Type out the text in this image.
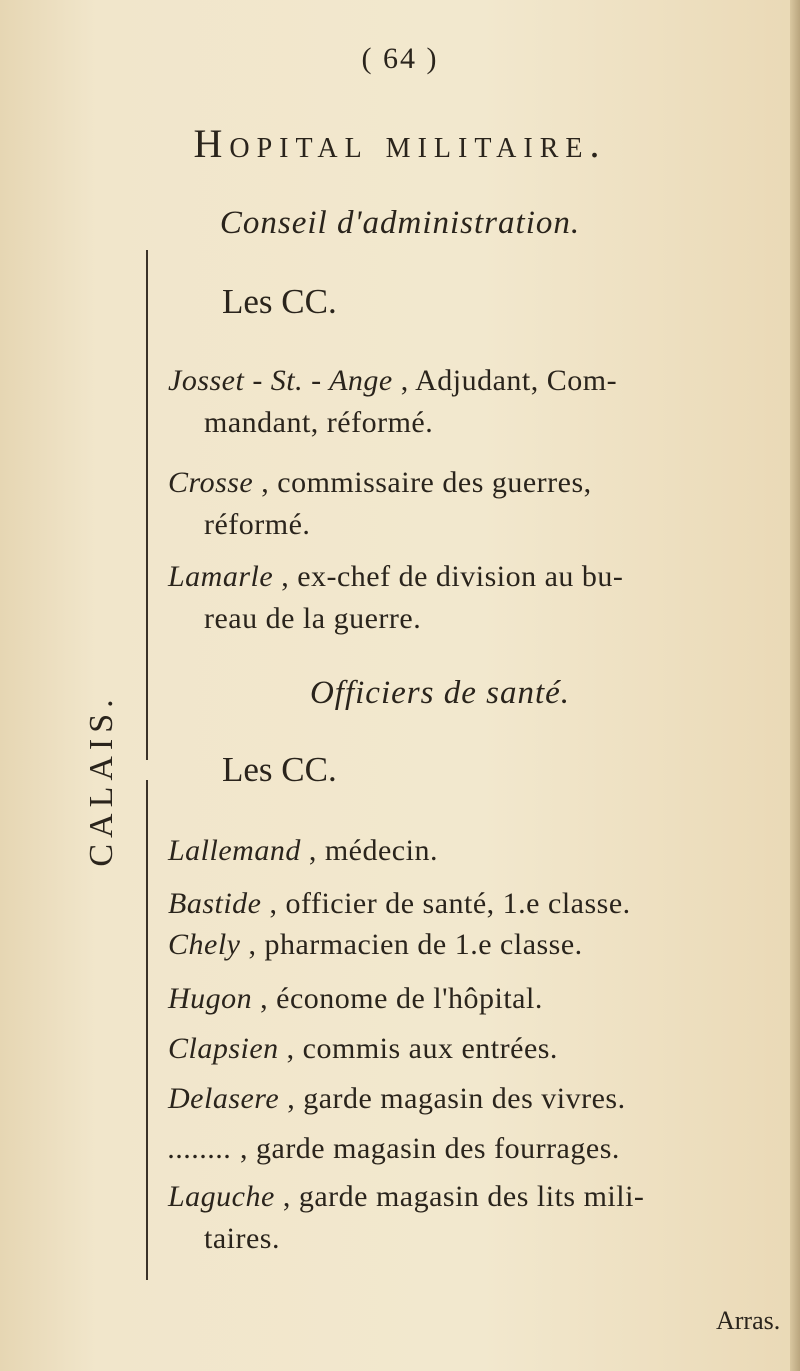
( 64 )
Hopital militaire.
Conseil d'administration.
Les CC.
CALAIS.
Josset - St. - Ange , Adjudant, Com-
mandant, réformé.
Crosse , commissaire des guerres,
réformé.
Lamarle , ex-chef de division au bu-
reau de la guerre.
Officiers de santé.
Les CC.
Lallemand , médecin.
Bastide , officier de santé, 1.e classe.
Chely , pharmacien de 1.e classe.
Hugon , économe de l'hôpital.
Clapsien , commis aux entrées.
Delasere , garde magasin des vivres.
........ , garde magasin des fourrages.
Laguche , garde magasin des lits mili-
taires.
Arras.
